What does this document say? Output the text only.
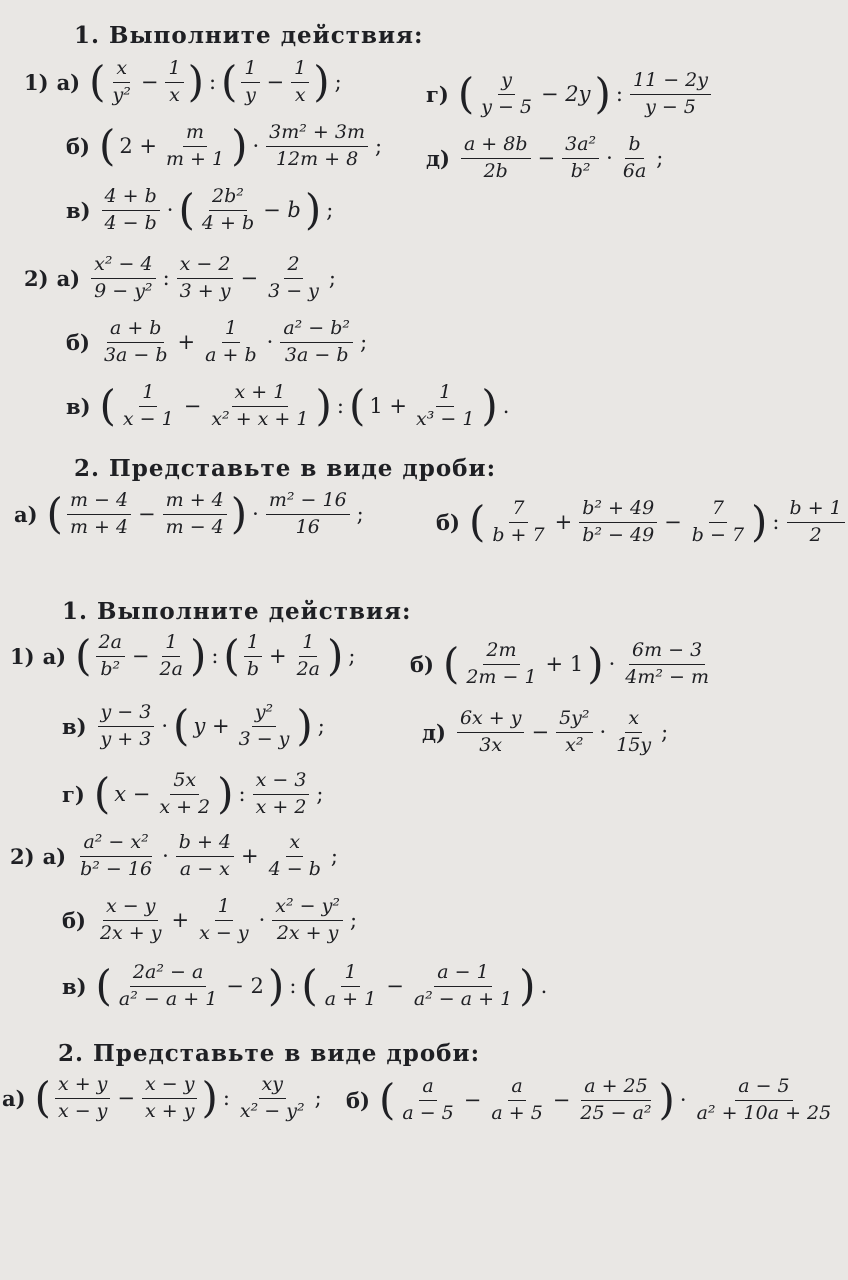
1. Выполните действия:
1) а) ( $\frac{x}{\text{y²}} - \frac{1}{x}$ ) : ( $\frac{1}{y} - \frac{1}{x}$ ) ;	г) ( $\frac{y}{y - 5} - 2y$ ) : $\frac{11 - 2y}{y - 5}$
б) ( $2 + \frac{m}{m + 1}$ ) · $\frac{\text{3m² + 3m}}{12m + 8}$ ; $д) \frac{a + 8b}{2b} - \frac{\text{3a²}}{\text{b²}} \cdot \frac{b}{6a}$ ;
$в) \frac{4 + b}{4 - b}$ · ( $\frac{\text{2b²}}{4 + b} - b$ ) ;
2) $а) \frac{\text{x² − 4}}{\text{9 − y²}}$ : $\frac{x - 2}{3 + y} - \frac{2}{3 - y}$ ;
$б) \frac{a + b}{3a - b} + \frac{1}{a + b} \cdot \frac{\text{a² − b²}}{3a - b}$ ;
в) ( $\frac{1}{x - 1} - \frac{x + 1}{\text{x² + x + 1}}$ ) : ( $1 + \frac{1}{\text{x³ − 1}}$ ) .
2. Представьте в виде дроби:
а) ( $\frac{m - 4}{m + 4} - \frac{m + 4}{m - 4}$ ) · $\frac{\text{m² − 16}}{16}$ ;	б) ( $\frac{7}{b + 7} + \frac{\text{b² + 49}}{\text{b² − 49}} - \frac{7}{b - 7}$ ) : $\frac{b + 1}{2}$
1. Выполните действия:
1) а) ( $\frac{2a}{\text{b²}} - \frac{1}{2a}$ ) : ( $\frac{1}{b} + \frac{1}{2a}$ ) ;	б) ( $\frac{2m}{2m - 1} + 1$ ) · $\frac{6m - 3}{\text{4m² − m}}$
$в) \frac{y - 3}{y + 3}$ · ( $y + \frac{\text{y²}}{3 - y}$ ) ;	$д) \frac{6x + y}{3x} - \frac{\text{5y²}}{\text{x²}} \cdot \frac{x}{15y}$ ;
г) ( $x - \frac{5x}{x + 2}$ ) : $\frac{x - 3}{x + 2}$ ;
2) $а) \frac{\text{a² − x²}}{\text{b² − 16}} \cdot \frac{b + 4}{a - x} + \frac{x}{4 - b}$ ;
$б) \frac{x - y}{2x + y} + \frac{1}{x - y} \cdot \frac{\text{x² − y²}}{2x + y}$ ;
в) ( $\frac{\text{2a² − a}}{\text{a² − a + 1}} - 2$ ) : ( $\frac{1}{a + 1} - \frac{a - 1}{\text{a² − a + 1}}$ ) .
2. Представьте в виде дроби:
а) ( $\frac{x + y}{x - y} - \frac{x - y}{x + y}$ ) : $\frac{xy}{\text{x² − y²}}$ ; б) ( $\frac{a}{a - 5} - \frac{a}{a + 5} - \frac{a + 25}{\text{25 − a²}}$ ) · $\frac{a - 5}{\text{a² + 10a + 25}}$
